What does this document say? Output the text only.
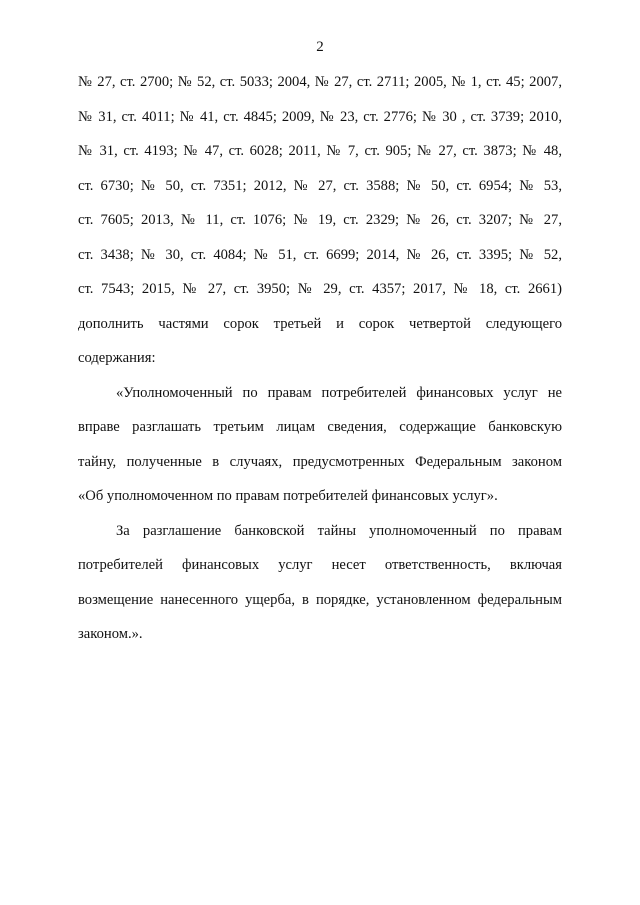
2
№ 27, ст. 2700; № 52, ст. 5033; 2004, № 27, ст. 2711; 2005, № 1, ст. 45; 2007,
№ 31, ст. 4011; № 41, ст. 4845; 2009, № 23, ст. 2776; № 30 , ст. 3739; 2010,
№ 31, ст. 4193; № 47, ст. 6028; 2011, № 7, ст. 905; № 27, ст. 3873; № 48,
ст. 6730; № 50, ст. 7351; 2012, № 27, ст. 3588; № 50, ст. 6954; № 53,
ст. 7605; 2013, № 11, ст. 1076; № 19, ст. 2329; № 26, ст. 3207; № 27,
ст. 3438; № 30, ст. 4084; № 51, ст. 6699; 2014, № 26, ст. 3395; № 52,
ст. 7543; 2015, № 27, ст. 3950; № 29, ст. 4357; 2017, № 18, ст. 2661)
дополнить частями сорок третьей и сорок четвертой следующего
содержания:
«Уполномоченный по правам потребителей финансовых услуг не
вправе разглашать третьим лицам сведения, содержащие банковскую
тайну, полученные в случаях, предусмотренных Федеральным законом
«Об уполномоченном по правам потребителей финансовых услуг».
За разглашение банковской тайны уполномоченный по правам
потребителей финансовых услуг несет ответственность, включая
возмещение нанесенного ущерба, в порядке, установленном федеральным
законом.».
